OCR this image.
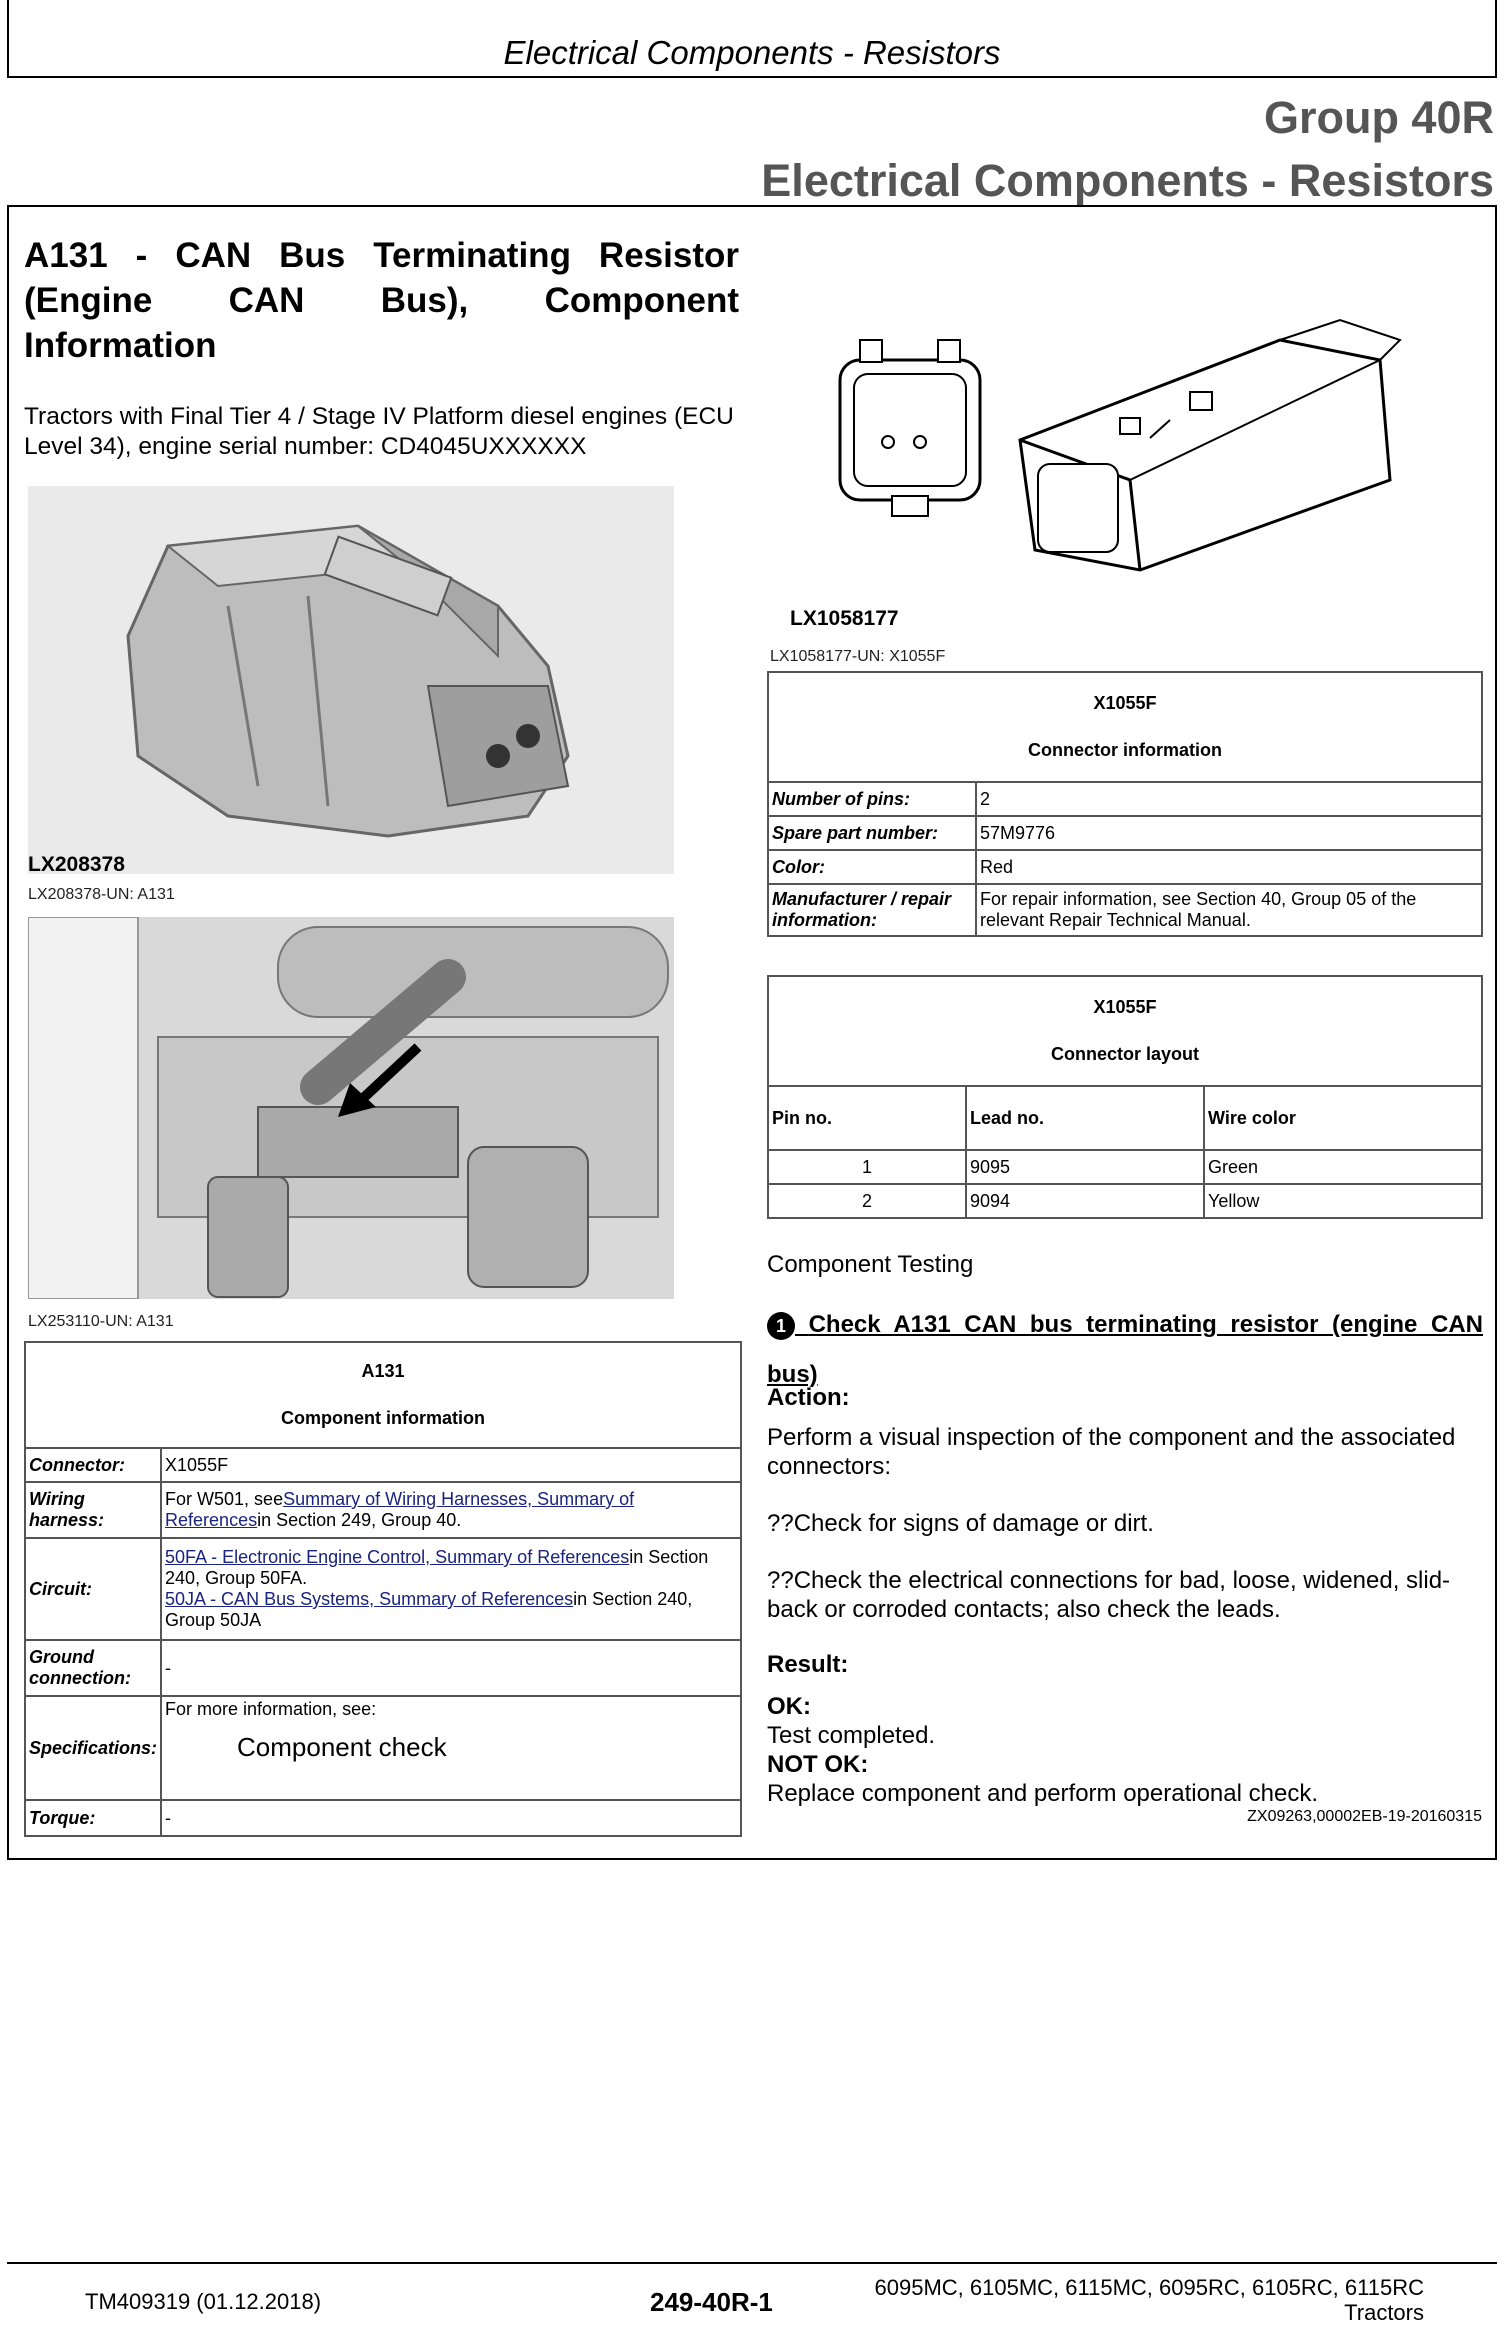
Electrical Components - Resistors
Group 40R
Electrical Components - Resistors
A131 - CAN Bus Terminating Resistor
(Engine CAN Bus), Component
Information
Tractors with Final Tier 4 / Stage IV Platform diesel engines (ECU Level 34), engine serial number: CD4045UXXXXXX
LX208378
LX208378-UN: A131
LX253110-UN: A131
LX1058177
LX1058177-UN: X1055F
X1055F
Connector information	
Number of pins:	2
Spare part number:	57M9776
Color:	Red
Manufacturer / repair information:	For repair information, see Section 40, Group 05 of the relevant Repair Technical Manual.
X1055F
Connector layout		
Pin no.	Lead no.	Wire color
1	9095	Green
2	9094	Yellow
A131
Component information	
Connector:	X1055F
Wiring harness:	For W501, seeSummary of Wiring Harnesses, Summary of Referencesin Section 249, Group 40.
Circuit:	50FA - Electronic Engine Control, Summary of Referencesin Section 240, Group 50FA.
50JA - CAN Bus Systems, Summary of Referencesin Section 240, Group 50JA
Ground connection:	-
Specifications:	For more information, see:
Component check
Torque:	-
Component Testing
1 Check A131 CAN bus terminating resistor (engine CAN bus)
Action:
Perform a visual inspection of the component and the associated connectors:
??Check for signs of damage or dirt.
??Check the electrical connections for bad, loose, widened, slid-back or corroded contacts; also check the leads.
Result:
OK:
Test completed.
NOT OK:
Replace component and perform operational check.
ZX09263,00002EB-19-20160315
TM409319 (01.12.2018)	249-40R-1	6095MC, 6105MC, 6115MC, 6095RC, 6105RC, 6115RC
Tractors
